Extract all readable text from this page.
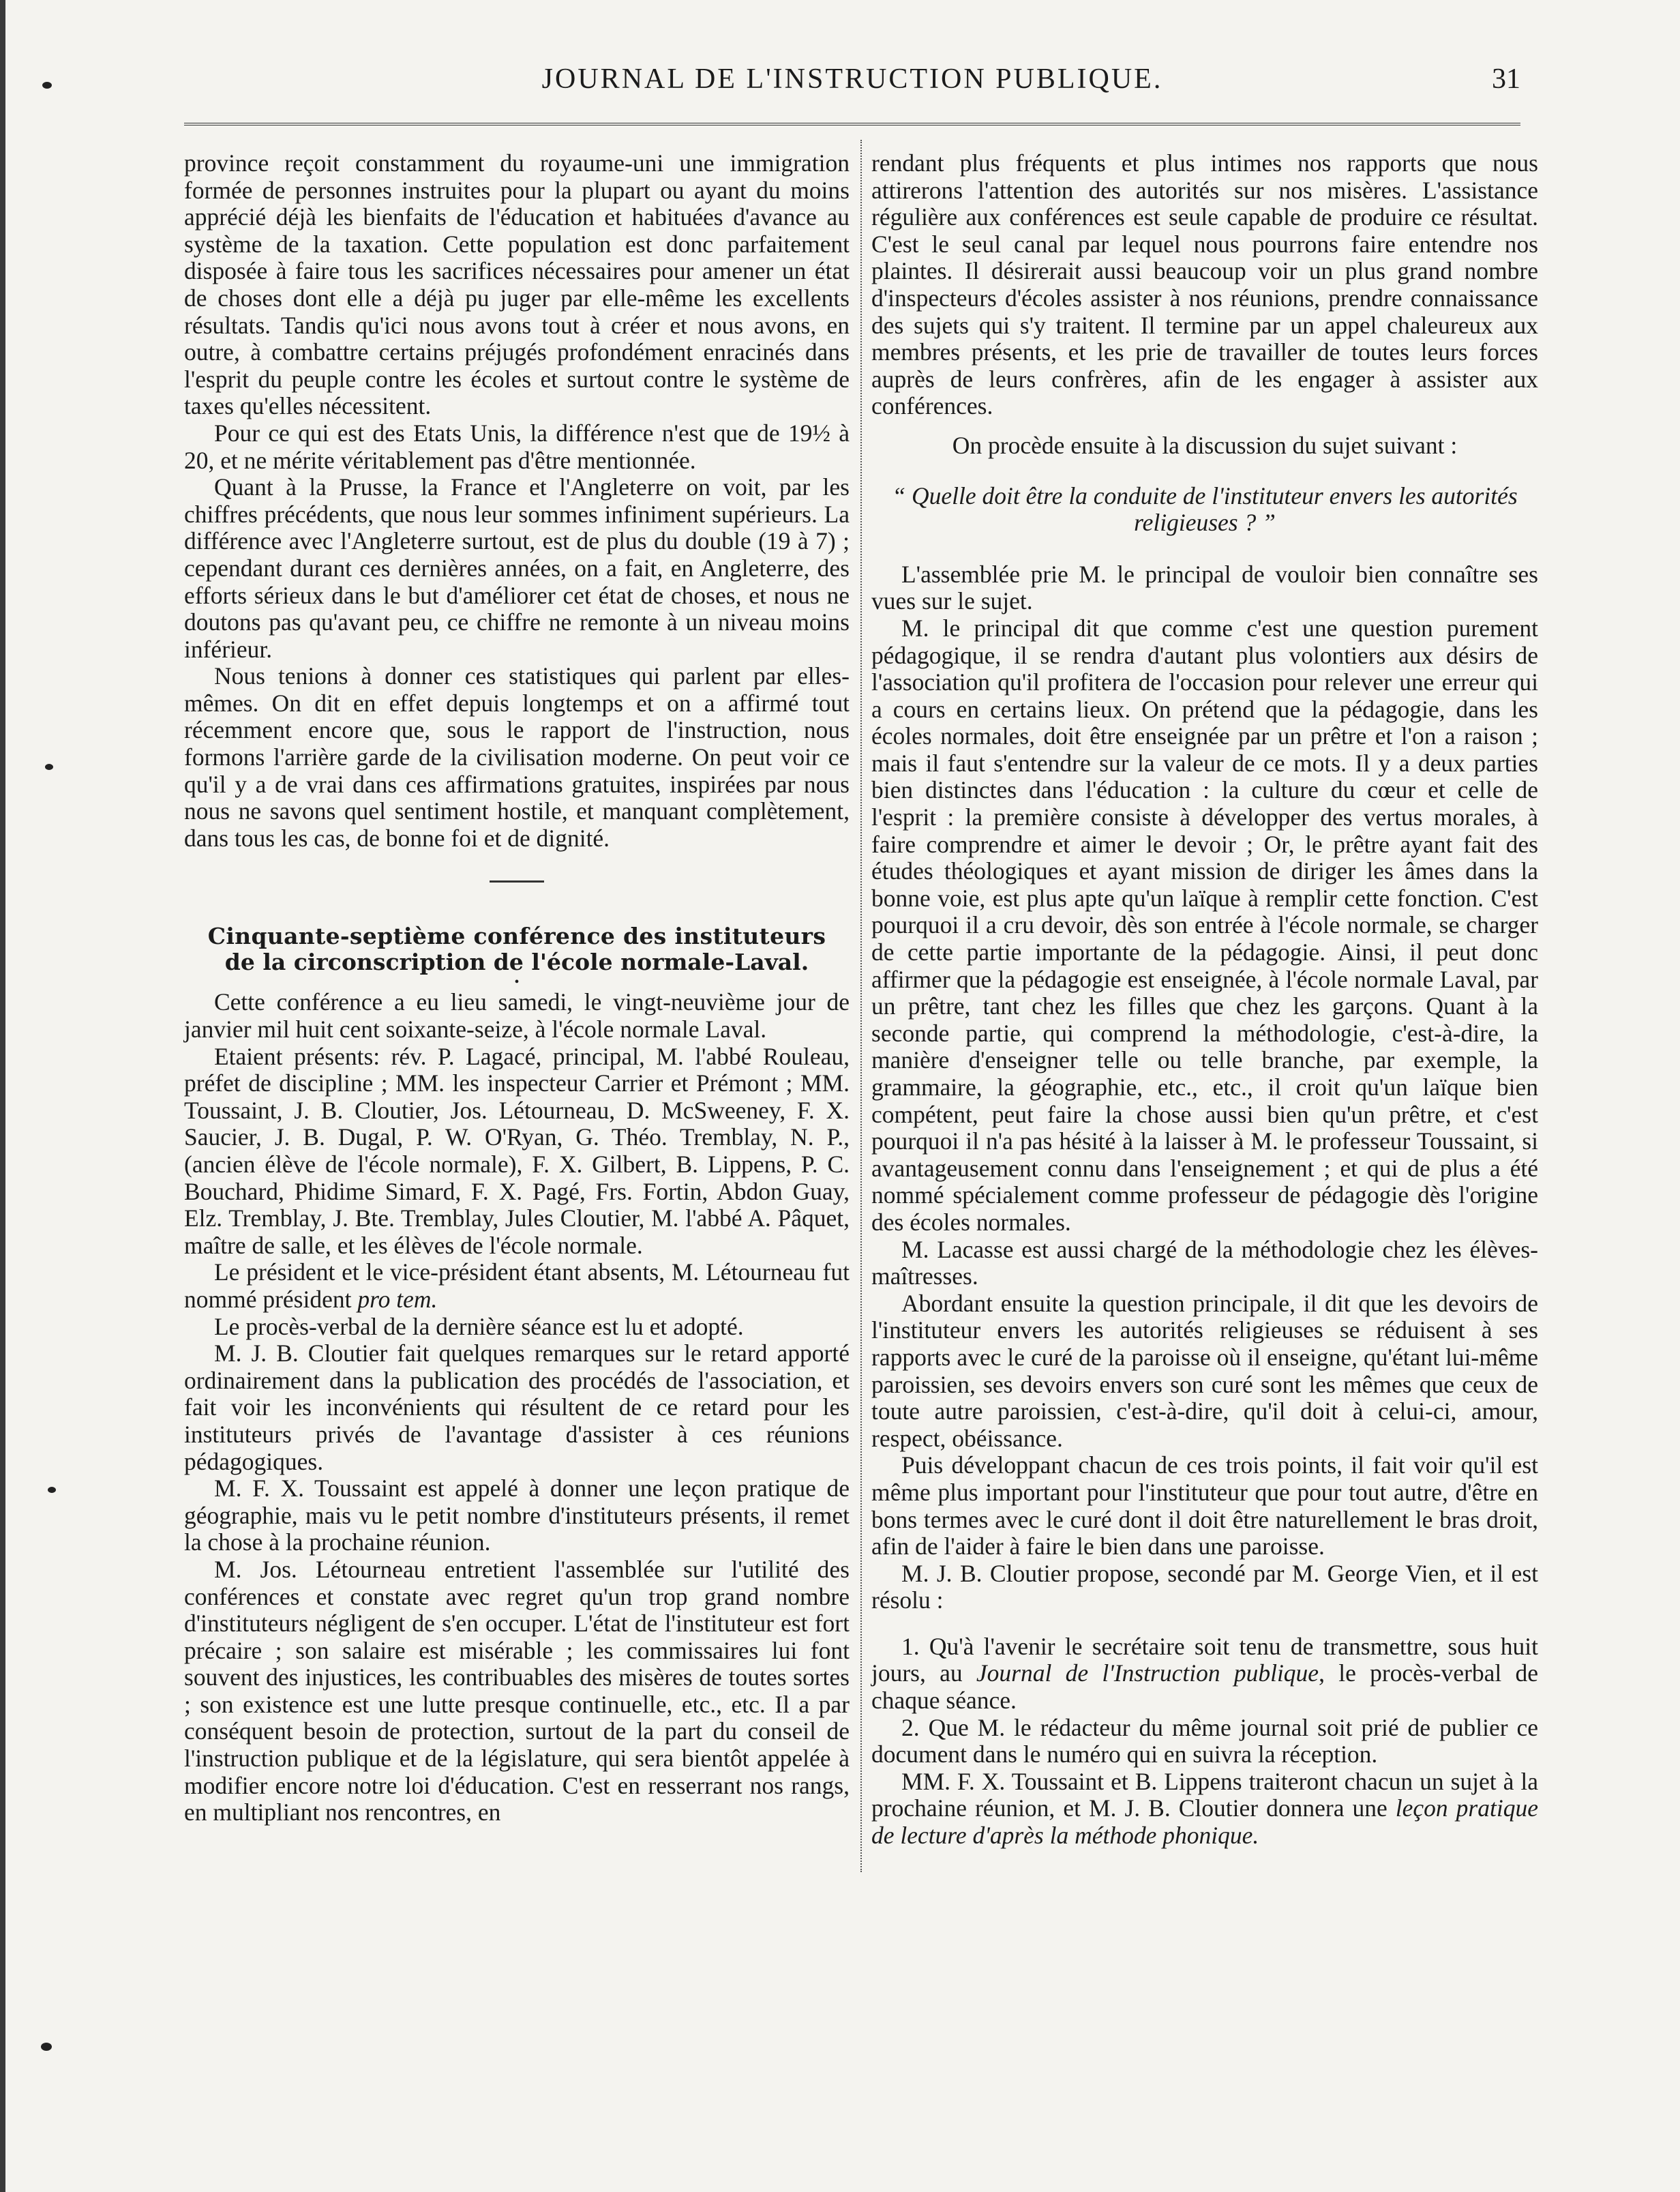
JOURNAL DE L'INSTRUCTION PUBLIQUE.	31

province reçoit constamment du royaume-uni une immigration formée de personnes instruites pour la plupart ou ayant du moins apprécié déjà les bienfaits de l'éducation et habituées d'avance au système de la taxation. Cette population est donc parfaitement disposée à faire tous les sacrifices nécessaires pour amener un état de choses dont elle a déjà pu juger par elle-même les excellents résultats. Tandis qu'ici nous avons tout à créer et nous avons, en outre, à combattre certains préjugés profondément enracinés dans l'esprit du peuple contre les écoles et surtout contre le système de taxes qu'elles nécessitent.

Pour ce qui est des Etats Unis, la différence n'est que de 19½ à 20, et ne mérite véritablement pas d'être mentionnée.

Quant à la Prusse, la France et l'Angleterre on voit, par les chiffres précédents, que nous leur sommes infiniment supérieurs. La différence avec l'Angleterre surtout, est de plus du double (19 à 7) ; cependant durant ces dernières années, on a fait, en Angleterre, des efforts sérieux dans le but d'améliorer cet état de choses, et nous ne doutons pas qu'avant peu, ce chiffre ne remonte à un niveau moins inférieur.

Nous tenions à donner ces statistiques qui parlent par elles-mêmes. On dit en effet depuis longtemps et on a affirmé tout récemment encore que, sous le rapport de l'instruction, nous formons l'arrière garde de la civilisation moderne. On peut voir ce qu'il y a de vrai dans ces affirmations gratuites, inspirées par nous nous ne savons quel sentiment hostile, et manquant complètement, dans tous les cas, de bonne foi et de dignité.

Cinquante-septième conférence des instituteurs

de la circonscription de l'école normale-Laval.

•

Cette conférence a eu lieu samedi, le vingt-neuvième jour de janvier mil huit cent soixante-seize, à l'école normale Laval.

Etaient présents: rév. P. Lagacé, principal, M. l'abbé Rouleau, préfet de discipline ; MM. les inspecteur Carrier et Prémont ; MM. Toussaint, J. B. Cloutier, Jos. Létourneau, D. McSweeney, F. X. Saucier, J. B. Dugal, P. W. O'Ryan, G. Théo. Tremblay, N. P., (ancien élève de l'école normale), F. X. Gilbert, B. Lippens, P. C. Bouchard, Phidime Simard, F. X. Pagé, Frs. Fortin, Abdon Guay, Elz. Tremblay, J. Bte. Tremblay, Jules Cloutier, M. l'abbé A. Pâquet, maître de salle, et les élèves de l'école normale.

Le président et le vice-président étant absents, M. Létourneau fut nommé président pro tem.

Le procès-verbal de la dernière séance est lu et adopté.

M. J. B. Cloutier fait quelques remarques sur le retard apporté ordinairement dans la publication des procédés de l'association, et fait voir les inconvénients qui résultent de ce retard pour les instituteurs privés de l'avantage d'assister à ces réunions pédagogiques.

M. F. X. Toussaint est appelé à donner une leçon pratique de géographie, mais vu le petit nombre d'instituteurs présents, il remet la chose à la prochaine réunion.

M. Jos. Létourneau entretient l'assemblée sur l'utilité des conférences et constate avec regret qu'un trop grand nombre d'instituteurs négligent de s'en occuper. L'état de l'instituteur est fort précaire ; son salaire est misérable ; les commissaires lui font souvent des injustices, les contribuables des misères de toutes sortes ; son existence est une lutte presque continuelle, etc., etc. Il a par conséquent besoin de protection, surtout de la part du conseil de l'instruction publique et de la législature, qui sera bientôt appelée à modifier encore notre loi d'éducation. C'est en resserrant nos rangs, en multipliant nos rencontres, en

rendant plus fréquents et plus intimes nos rapports que nous attirerons l'attention des autorités sur nos misères. L'assistance régulière aux conférences est seule capable de produire ce résultat. C'est le seul canal par lequel nous pourrons faire entendre nos plaintes. Il désirerait aussi beaucoup voir un plus grand nombre d'inspecteurs d'écoles assister à nos réunions, prendre connaissance des sujets qui s'y traitent. Il termine par un appel chaleureux aux membres présents, et les prie de travailler de toutes leurs forces auprès de leurs confrères, afin de les engager à assister aux conférences.

On procède ensuite à la discussion du sujet suivant :

“ Quelle doit être la conduite de l'instituteur envers les autorités religieuses ? ”

L'assemblée prie M. le principal de vouloir bien connaître ses vues sur le sujet.

M. le principal dit que comme c'est une question purement pédagogique, il se rendra d'autant plus volontiers aux désirs de l'association qu'il profitera de l'occasion pour relever une erreur qui a cours en certains lieux. On prétend que la pédagogie, dans les écoles normales, doit être enseignée par un prêtre et l'on a raison ; mais il faut s'entendre sur la valeur de ce mots. Il y a deux parties bien distinctes dans l'éducation : la culture du cœur et celle de l'esprit : la première consiste à développer des vertus morales, à faire comprendre et aimer le devoir ; Or, le prêtre ayant fait des études théologiques et ayant mission de diriger les âmes dans la bonne voie, est plus apte qu'un laïque à remplir cette fonction. C'est pourquoi il a cru devoir, dès son entrée à l'école normale, se charger de cette partie importante de la pédagogie. Ainsi, il peut donc affirmer que la pédagogie est enseignée, à l'école normale Laval, par un prêtre, tant chez les filles que chez les garçons. Quant à la seconde partie, qui comprend la méthodologie, c'est-à-dire, la manière d'enseigner telle ou telle branche, par exemple, la grammaire, la géographie, etc., etc., il croit qu'un laïque bien compétent, peut faire la chose aussi bien qu'un prêtre, et c'est pourquoi il n'a pas hésité à la laisser à M. le professeur Toussaint, si avantageusement connu dans l'enseignement ; et qui de plus a été nommé spécialement comme professeur de pédagogie dès l'origine des écoles normales.

M. Lacasse est aussi chargé de la méthodologie chez les élèves-maîtresses.

Abordant ensuite la question principale, il dit que les devoirs de l'instituteur envers les autorités religieuses se réduisent à ses rapports avec le curé de la paroisse où il enseigne, qu'étant lui-même paroissien, ses devoirs envers son curé sont les mêmes que ceux de toute autre paroissien, c'est-à-dire, qu'il doit à celui-ci, amour, respect, obéissance.

Puis développant chacun de ces trois points, il fait voir qu'il est même plus important pour l'instituteur que pour tout autre, d'être en bons termes avec le curé dont il doit être naturellement le bras droit, afin de l'aider à faire le bien dans une paroisse.

M. J. B. Cloutier propose, secondé par M. George Vien, et il est résolu :

1. Qu'à l'avenir le secrétaire soit tenu de transmettre, sous huit jours, au Journal de l'Instruction publique, le procès-verbal de chaque séance.

2. Que M. le rédacteur du même journal soit prié de publier ce document dans le numéro qui en suivra la réception.

MM. F. X. Toussaint et B. Lippens traiteront chacun un sujet à la prochaine réunion, et M. J. B. Cloutier donnera une leçon pratique de lecture d'après la méthode phonique.
